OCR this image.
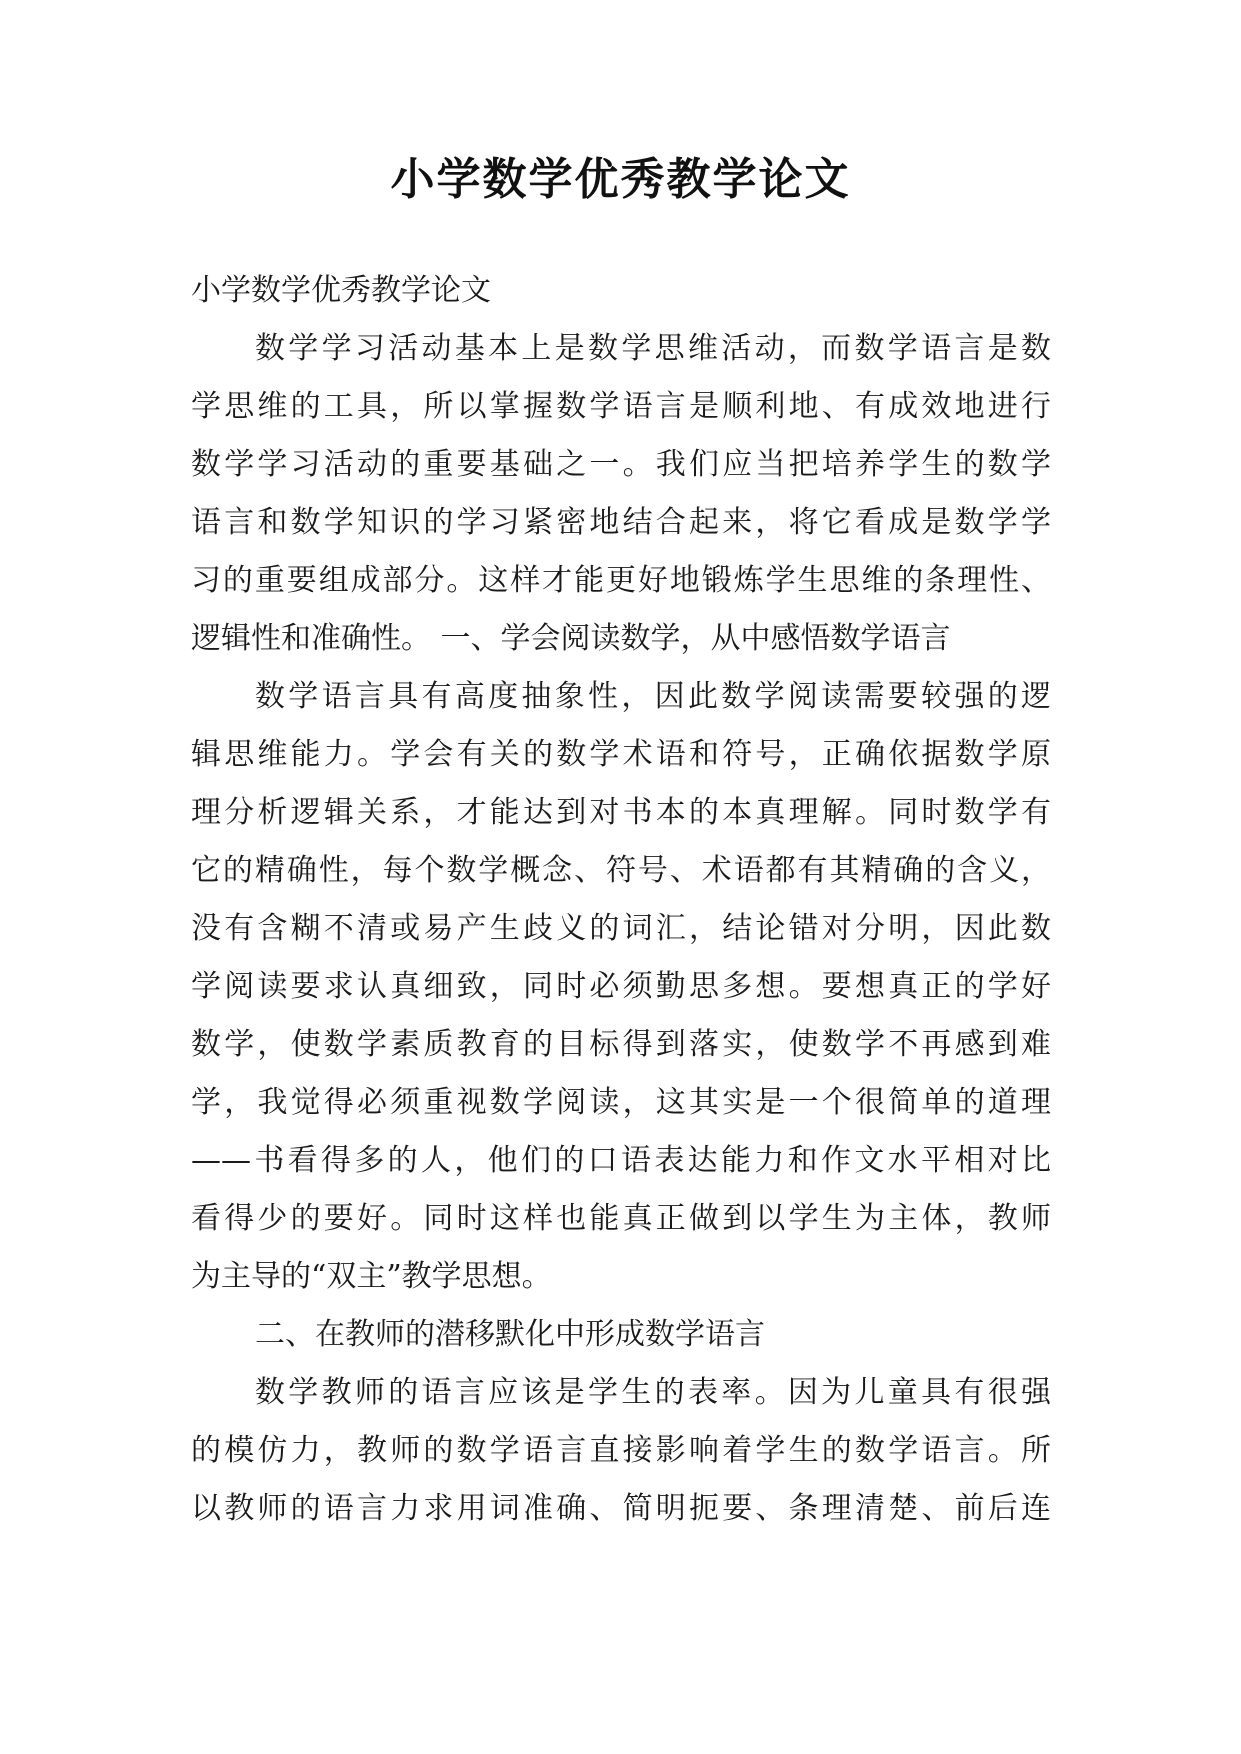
小学数学优秀教学论文
小学数学优秀教学论文
数学学习活动基本上是数学思维活动，而数学语言是数
学思维的工具，所以掌握数学语言是顺利地、有成效地进行
数学学习活动的重要基础之一。我们应当把培养学生的数学
语言和数学知识的学习紧密地结合起来，将它看成是数学学
习的重要组成部分。这样才能更好地锻炼学生思维的条理性、
逻辑性和准确性。 一、学会阅读数学，从中感悟数学语言
数学语言具有高度抽象性，因此数学阅读需要较强的逻
辑思维能力。学会有关的数学术语和符号，正确依据数学原
理分析逻辑关系，才能达到对书本的本真理解。同时数学有
它的精确性，每个数学概念、符号、术语都有其精确的含义，
没有含糊不清或易产生歧义的词汇，结论错对分明，因此数
学阅读要求认真细致，同时必须勤思多想。要想真正的学好
数学，使数学素质教育的目标得到落实，使数学不再感到难
学，我觉得必须重视数学阅读，这其实是一个很简单的道理
——书看得多的人，他们的口语表达能力和作文水平相对比
看得少的要好。同时这样也能真正做到以学生为主体，教师
为主导的“双主”教学思想。
二、在教师的潜移默化中形成数学语言
数学教师的语言应该是学生的表率。因为儿童具有很强
的模仿力，教师的数学语言直接影响着学生的数学语言。所
以教师的语言力求用词准确、简明扼要、条理清楚、前后连
